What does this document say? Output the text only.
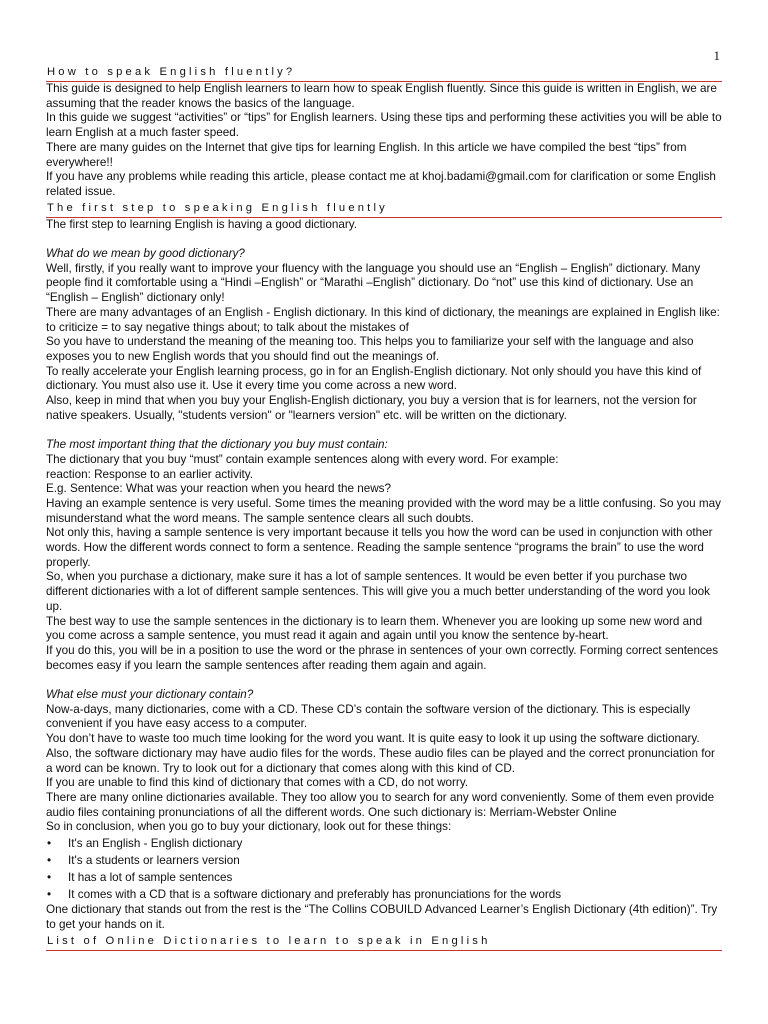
1
How to speak English fluently?

This guide is designed to help English learners to learn how to speak English fluently. Since this guide is written in English, we are assuming that the reader knows the basics of the language.

In this guide we suggest “activities” or “tips” for English learners. Using these tips and performing these activities you will be able to learn English at a much faster speed.

There are many guides on the Internet that give tips for learning English. In this article we have compiled the best “tips” from everywhere!!

If you have any problems while reading this article, please contact me at khoj.badami@gmail.com for clarification or some English related issue.

The first step to speaking English fluently

The first step to learning English is having a good dictionary.

What do we mean by good dictionary?

Well, firstly, if you really want to improve your fluency with the language you should use an “English – English” dictionary. Many people find it comfortable using a “Hindi –English” or “Marathi –English” dictionary. Do “not” use this kind of dictionary. Use an “English – English” dictionary only!

There are many advantages of an English - English dictionary. In this kind of dictionary, the meanings are explained in English like:

to criticize = to say negative things about; to talk about the mistakes of

So you have to understand the meaning of the meaning too. This helps you to familiarize your self with the language and also exposes you to new English words that you should find out the meanings of.

To really accelerate your English learning process, go in for an English-English dictionary. Not only should you have this kind of dictionary. You must also use it. Use it every time you come across a new word.

Also, keep in mind that when you buy your English-English dictionary, you buy a version that is for learners, not the version for native speakers. Usually, "students version" or "learners version" etc. will be written on the dictionary.

The most important thing that the dictionary you buy must contain:

The dictionary that you buy “must” contain example sentences along with every word. For example:

reaction: Response to an earlier activity.

E.g. Sentence: What was your reaction when you heard the news?

Having an example sentence is very useful. Some times the meaning provided with the word may be a little confusing. So you may misunderstand what the word means. The sample sentence clears all such doubts.

Not only this, having a sample sentence is very important because it tells you how the word can be used in conjunction with other words. How the different words connect to form a sentence. Reading the sample sentence “programs the brain” to use the word properly.

So, when you purchase a dictionary, make sure it has a lot of sample sentences. It would be even better if you purchase two different dictionaries with a lot of different sample sentences. This will give you a much better understanding of the word you look up.

The best way to use the sample sentences in the dictionary is to learn them. Whenever you are looking up some new word and you come across a sample sentence, you must read it again and again until you know the sentence by-heart.

If you do this, you will be in a position to use the word or the phrase in sentences of your own correctly. Forming correct sentences becomes easy if you learn the sample sentences after reading them again and again.

What else must your dictionary contain?

Now-a-days, many dictionaries, come with a CD. These CD’s contain the software version of the dictionary. This is especially convenient if you have easy access to a computer.

You don’t have to waste too much time looking for the word you want. It is quite easy to look it up using the software dictionary. Also, the software dictionary may have audio files for the words. These audio files can be played and the correct pronunciation for a word can be known. Try to look out for a dictionary that comes along with this kind of CD.

If you are unable to find this kind of dictionary that comes with a CD, do not worry.

There are many online dictionaries available. They too allow you to search for any word conveniently. Some of them even provide audio files containing pronunciations of all the different words. One such dictionary is: Merriam-Webster Online

So in conclusion, when you go to buy your dictionary, look out for these things:

• It's an English - English dictionary
• It's a students or learners version
• It has a lot of sample sentences
• It comes with a CD that is a software dictionary and preferably has pronunciations for the words

One dictionary that stands out from the rest is the “The Collins COBUILD Advanced Learner’s English Dictionary (4th edition)”. Try to get your hands on it.

List of Online Dictionaries to learn to speak in English
